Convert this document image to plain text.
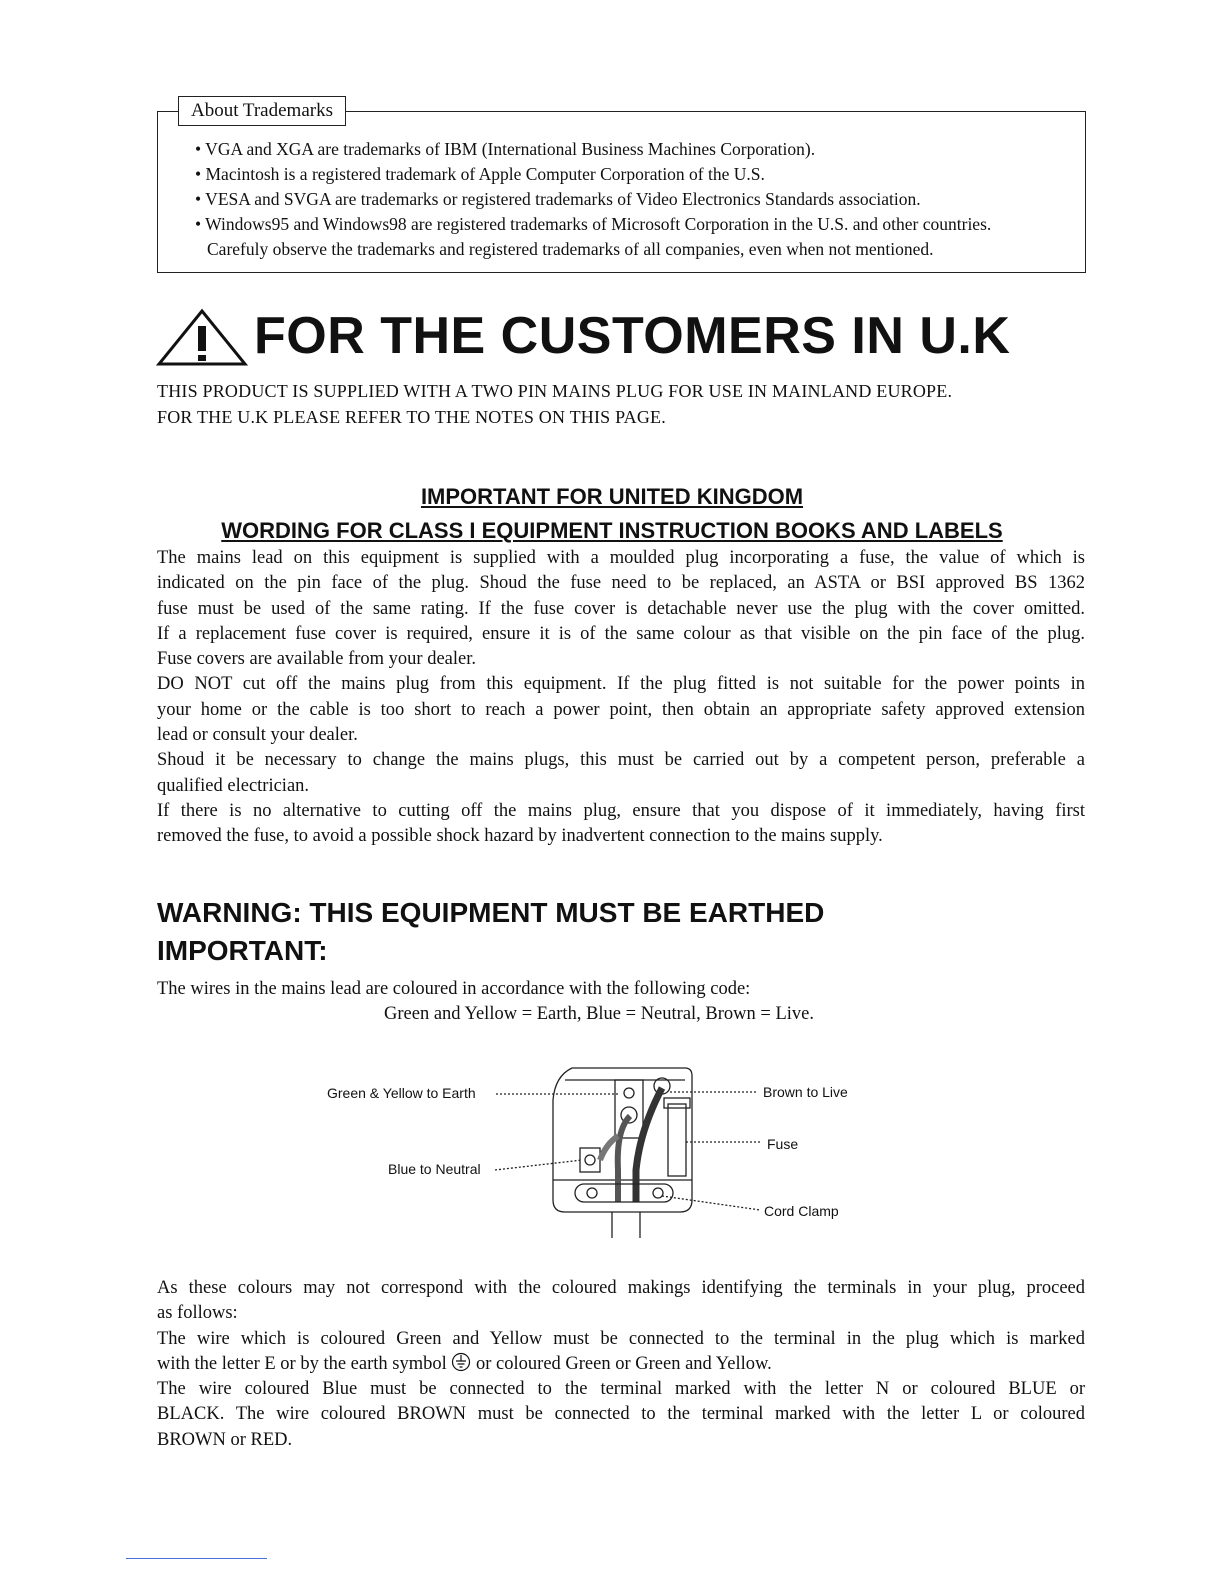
About Trademarks
• VGA and XGA are trademarks of IBM (International Business Machines Corporation).
• Macintosh is a registered trademark of Apple Computer Corporation of the U.S.
• VESA and SVGA are trademarks or registered trademarks of Video Electronics Standards association.
• Windows95 and Windows98 are registered trademarks of Microsoft Corporation in the U.S. and other countries.
Carefuly observe the trademarks and registered trademarks of all companies, even when not mentioned.
FOR THE CUSTOMERS IN U.K
THIS PRODUCT IS SUPPLIED WITH A TWO PIN MAINS PLUG FOR USE IN MAINLAND EUROPE.
FOR THE U.K PLEASE REFER TO THE NOTES ON THIS PAGE.
IMPORTANT FOR UNITED KINGDOM
WORDING FOR CLASS I EQUIPMENT INSTRUCTION BOOKS AND LABELS
The mains lead on this equipment is supplied with a moulded plug incorporating a fuse, the value of which is
indicated on the pin face of the plug. Shoud the fuse need to be replaced, an ASTA or BSI approved BS 1362
fuse must be used of the same rating. If the fuse cover is detachable never use the plug with the cover omitted.
If a replacement fuse cover is required, ensure it is of the same colour as that visible on the pin face of the plug.
Fuse covers are available from your dealer.
DO NOT cut off the mains plug from this equipment. If the plug fitted is not suitable for the power points in
your home or the cable is too short to reach a power point, then obtain an appropriate safety approved extension
lead or consult your dealer.
Shoud it be necessary to change the mains plugs, this must be carried out by a competent person, preferable a
qualified electrician.
If there is no alternative to cutting off the mains plug, ensure that you dispose of it immediately, having first
removed the fuse, to avoid a possible shock hazard by inadvertent connection to the mains supply.
WARNING: THIS EQUIPMENT MUST BE EARTHED
IMPORTANT:
The wires in the mains lead are coloured in accordance with the following code:
Green and Yellow = Earth, Blue = Neutral, Brown = Live.
Green & Yellow to Earth
Blue to Neutral
Brown to Live
Fuse
Cord Clamp
As these colours may not correspond with the coloured makings identifying the terminals in your plug, proceed
as follows:
The wire which is coloured Green and Yellow must be connected to the terminal in the plug which is marked
with the letter E or by the earth symbol or coloured Green or Green and Yellow.
The wire coloured Blue must be connected to the terminal marked with the letter N or coloured BLUE or
BLACK. The wire coloured BROWN must be connected to the terminal marked with the letter L or coloured
BROWN or RED.
